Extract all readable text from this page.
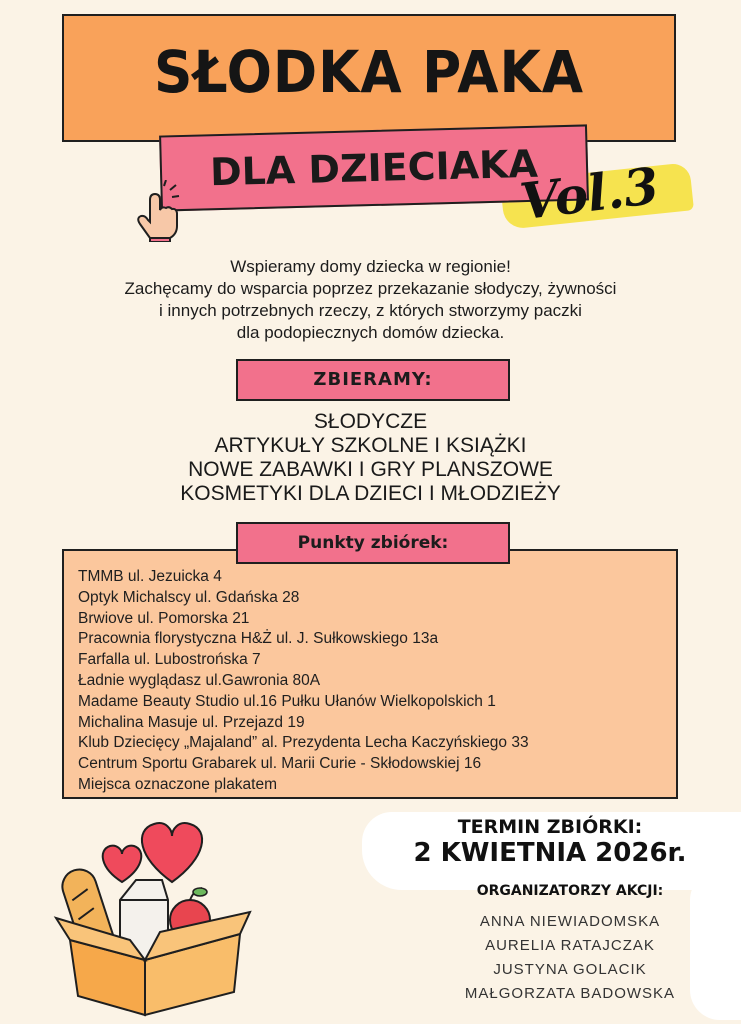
SŁODKA PAKA
DLA DZIECIAKA
Vol.3
Wspieramy domy dziecka w regionie!
Zachęcamy do wsparcia poprzez przekazanie słodyczy, żywności
i innych potrzebnych rzeczy, z których stworzymy paczki
dla podopiecznych domów dziecka.
ZBIERAMY:
SŁODYCZE
ARTYKUŁY SZKOLNE I KSIĄŻKI
NOWE ZABAWKI I GRY PLANSZOWE
KOSMETYKI DLA DZIECI I MŁODZIEŻY
TMMB ul. Jezuicka 4
Optyk Michalscy ul. Gdańska 28
Brwiove ul. Pomorska 21
Pracownia florystyczna H&Ż ul. J. Sułkowskiego 13a
Farfalla ul. Lubostrońska 7
Ładnie wyglądasz ul.Gawronia 80A
Madame Beauty Studio ul.16 Pułku Ułanów Wielkopolskich 1
Michalina Masuje ul. Przejazd 19
Klub Dziecięcy „Majaland” al. Prezydenta Lecha Kaczyńskiego 33
Centrum Sportu Grabarek ul. Marii Curie - Skłodowskiej 16
Miejsca oznaczone plakatem
Punkty zbiórek:
TERMIN ZBIÓRKI:
2 KWIETNIA 2026r.
ORGANIZATORZY AKCJI:
ANNA NIEWIADOMSKA
AURELIA RATAJCZAK
JUSTYNA GOLACIK
MAŁGORZATA BADOWSKA
